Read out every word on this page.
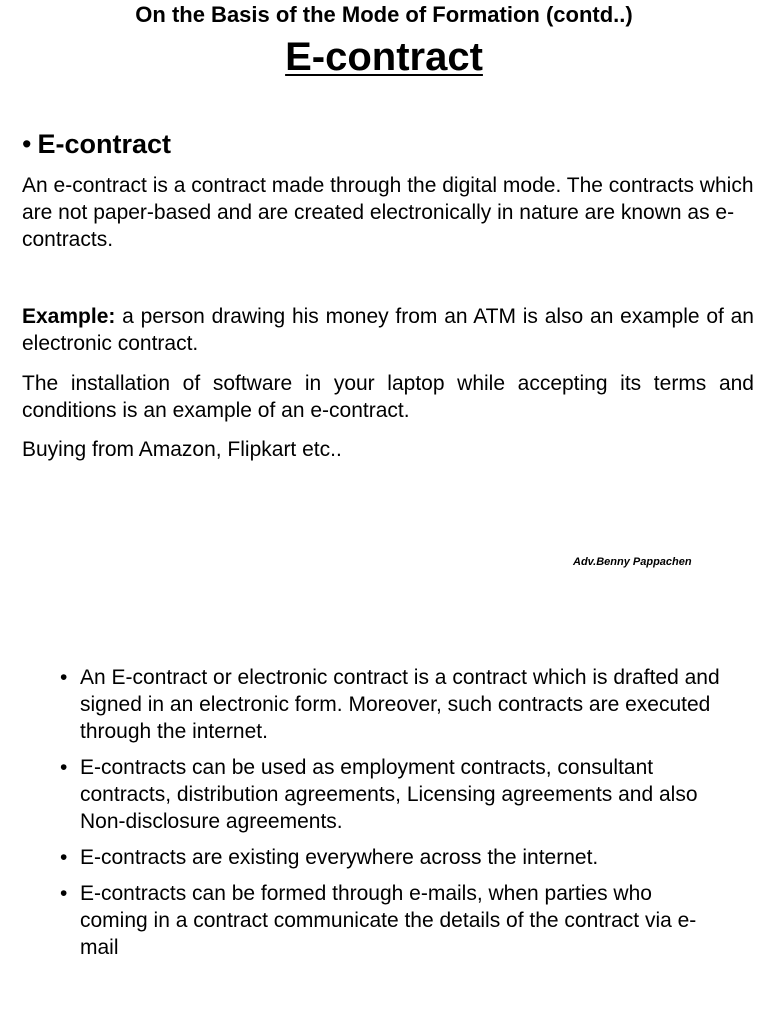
On the Basis of the Mode of Formation (contd..)
E-contract
• E-contract
An e-contract is a contract made through the digital mode. The contracts which are not paper-based and are created electronically in nature are known as e-contracts.
Example: a person drawing his money from an ATM is also an example of an electronic contract.
The installation of software in your laptop while accepting its terms and conditions is an example of an e-contract.
Buying from Amazon, Flipkart etc..
Adv.Benny Pappachen
• An E-contract or electronic contract is a contract which is drafted and signed in an electronic form. Moreover, such contracts are executed through the internet.
• E-contracts can be used as employment contracts, consultant contracts, distribution agreements, Licensing agreements and also Non-disclosure agreements.
• E-contracts are existing everywhere across the internet.
• E-contracts can be formed through e-mails, when parties who coming in a contract communicate the details of the contract via e-mail
